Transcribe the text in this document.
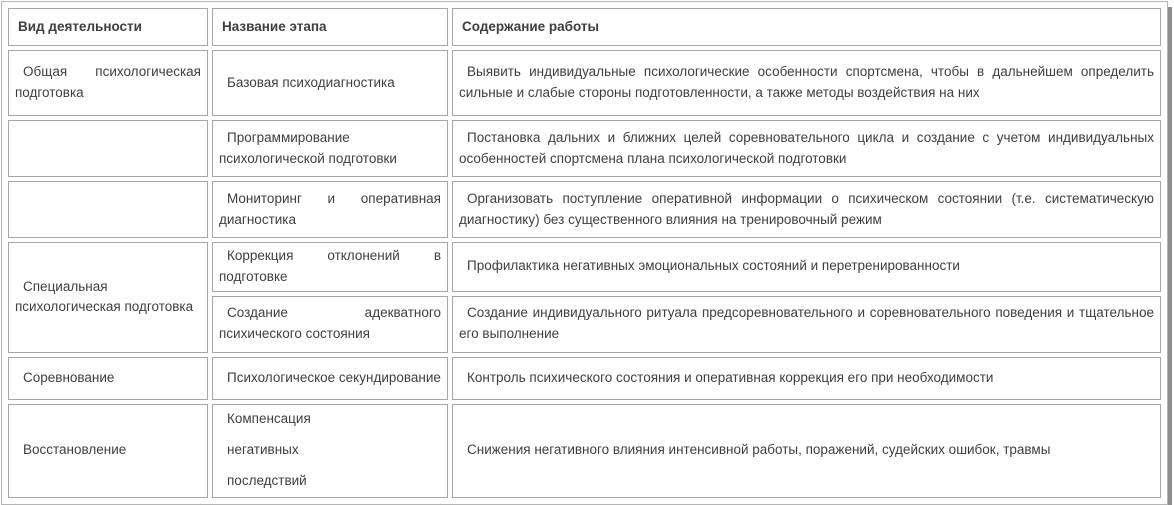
Вид деятельности	Название этапа	Содержание работы

Общая психологическая подготовка	Базовая психодиагностика	Выявить индивидуальные психологические особенности спортсмена, чтобы в дальнейшем определить сильные и слабые стороны подготовленности, а также методы воздействия на них

	Программирование психологической подготовки	Постановка дальних и ближних целей соревновательного цикла и создание с учетом индивидуальных особенностей спортсмена плана психологической подготовки

	Мониторинг и оперативная диагностика	Организовать поступление оперативной информации о психическом состоянии (т.е. систематическую диагностику) без существенного влияния на тренировочный режим

Специальная психологическая подготовка	Коррекция отклонений в подготовке	Профилактика негативных эмоциональных состояний и перетренированности

	Создание адекватного психического состояния	Создание индивидуального ритуала предсоревновательного и соревновательного поведения и тщательное его выполнение

Соревнование	Психологическое секундирование	Контроль психического состояния и оперативная коррекция его при необходимости

Восстановление	Компенсация
негативных
последствий	Снижения негативного влияния интенсивной работы, поражений, судейских ошибок, травмы
